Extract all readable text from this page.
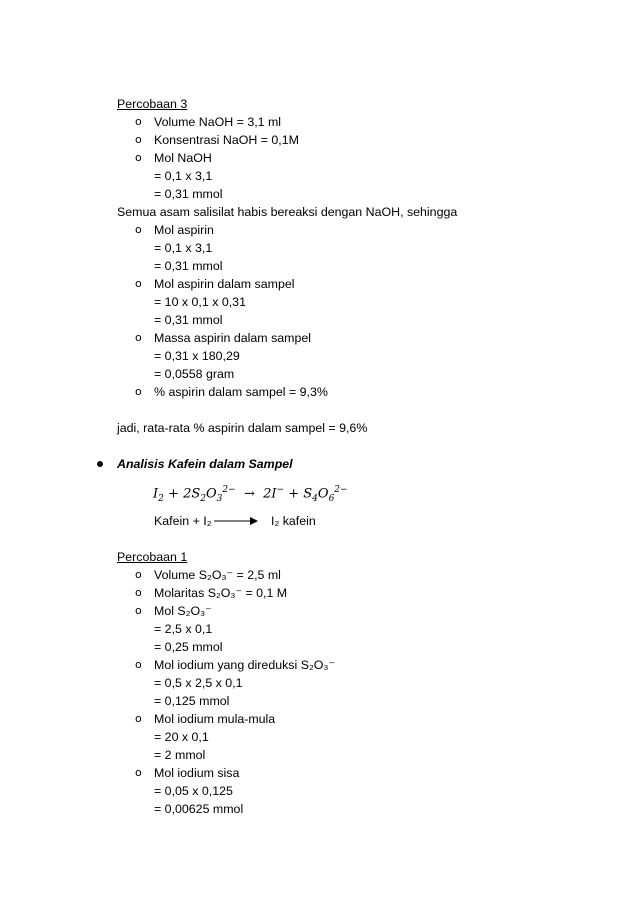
Percobaan 3
o Volume NaOH = 3,1 ml
o Konsentrasi NaOH = 0,1M
o Mol NaOH
= 0,1 x 3,1
= 0,31 mmol
Semua asam salisilat habis bereaksi dengan NaOH, sehingga
o Mol aspirin
= 0,1 x 3,1
= 0,31 mmol
o Mol aspirin dalam sampel
= 10 x 0,1 x 0,31
= 0,31 mmol
o Massa aspirin dalam sampel
= 0,31 x 180,29
= 0,0558 gram
o % aspirin dalam sampel = 9,3%
jadi, rata-rata % aspirin dalam sampel = 9,6%
Analisis Kafein dalam Sampel
$I_2 + 2S_2O_3^{2-} \to 2I^- + S_4O_6^{2-}$
Kafein + I₂	I₂ kafein
Percobaan 1
o Volume S₂O₃⁻ = 2,5 ml
o Molaritas S₂O₃⁻ = 0,1 M
o Mol S₂O₃⁻
= 2,5 x 0,1
= 0,25 mmol
o Mol iodium yang direduksi S₂O₃⁻
= 0,5 x 2,5 x 0,1
= 0,125 mmol
o Mol iodium mula-mula
= 20 x 0,1
= 2 mmol
o Mol iodium sisa
= 0,05 x 0,125
= 0,00625 mmol
